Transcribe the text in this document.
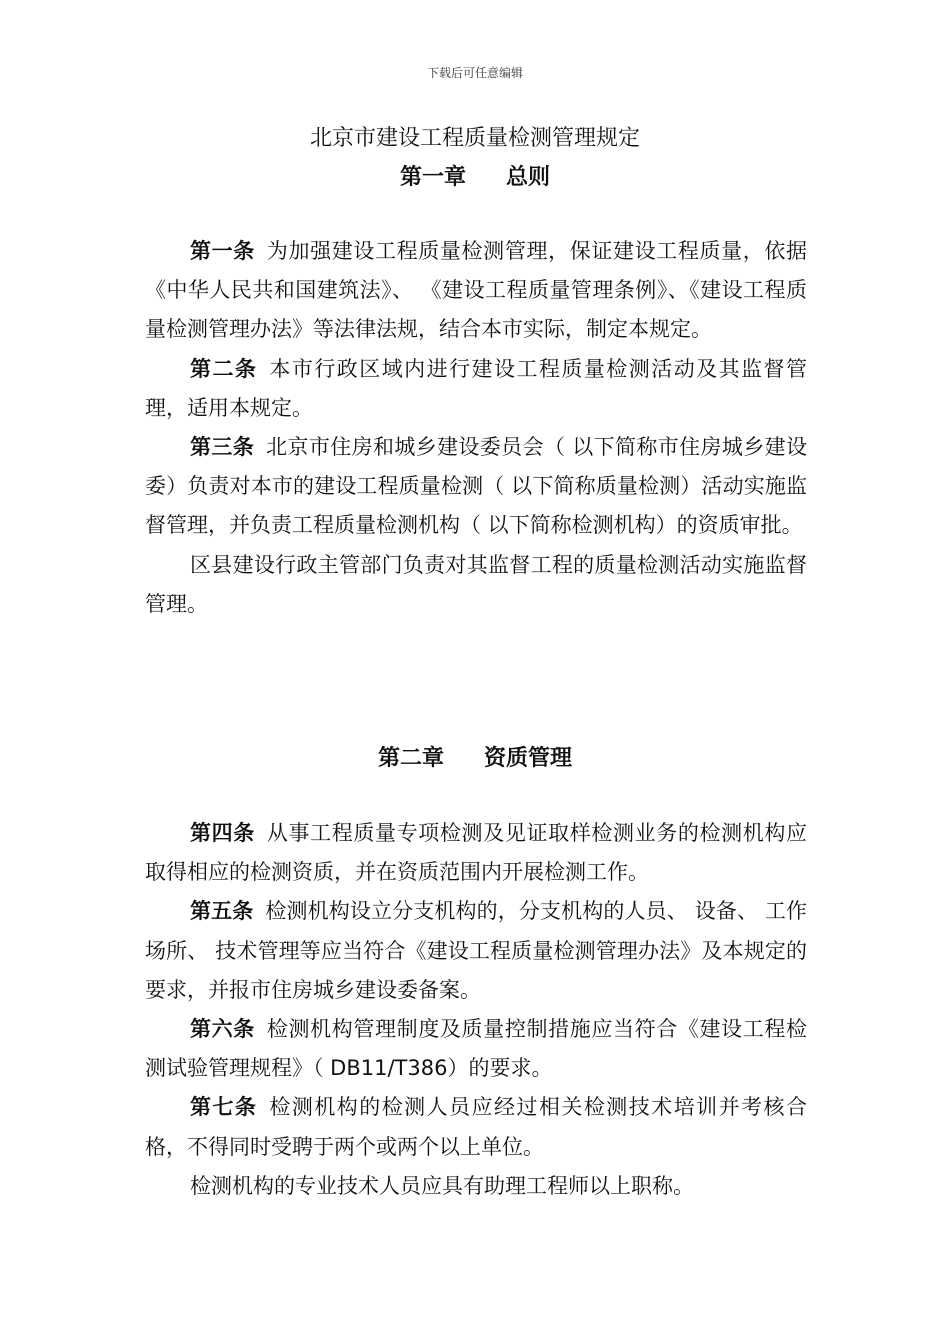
下载后可任意编辑
北京市建设工程质量检测管理规定
第一章 总则

第一条 为加强建设工程质量检测管理，保证建设工程质量，依据《中华人民共和国建筑法》、 《建设工程质量管理条例》、《建设工程质量检测管理办法》等法律法规，结合本市实际，制定本规定。

第二条 本市行政区域内进行建设工程质量检测活动及其监督管理，适用本规定。

第三条 北京市住房和城乡建设委员会（ 以下简称市住房城乡建设委）负责对本市的建设工程质量检测（ 以下简称质量检测）活动实施监督管理，并负责工程质量检测机构（ 以下简称检测机构）的资质审批。

区县建设行政主管部门负责对其监督工程的质量检测活动实施监督管理。

第二章 资质管理

第四条 从事工程质量专项检测及见证取样检测业务的检测机构应取得相应的检测资质，并在资质范围内开展检测工作。

第五条 检测机构设立分支机构的，分支机构的人员、 设备、 工作场所、 技术管理等应当符合《建设工程质量检测管理办法》及本规定的要求，并报市住房城乡建设委备案。

第六条 检测机构管理制度及质量控制措施应当符合《建设工程检测试验管理规程》（ DB11/T386）的要求。

第七条 检测机构的检测人员应经过相关检测技术培训并考核合格，不得同时受聘于两个或两个以上单位。

检测机构的专业技术人员应具有助理工程师以上职称。
